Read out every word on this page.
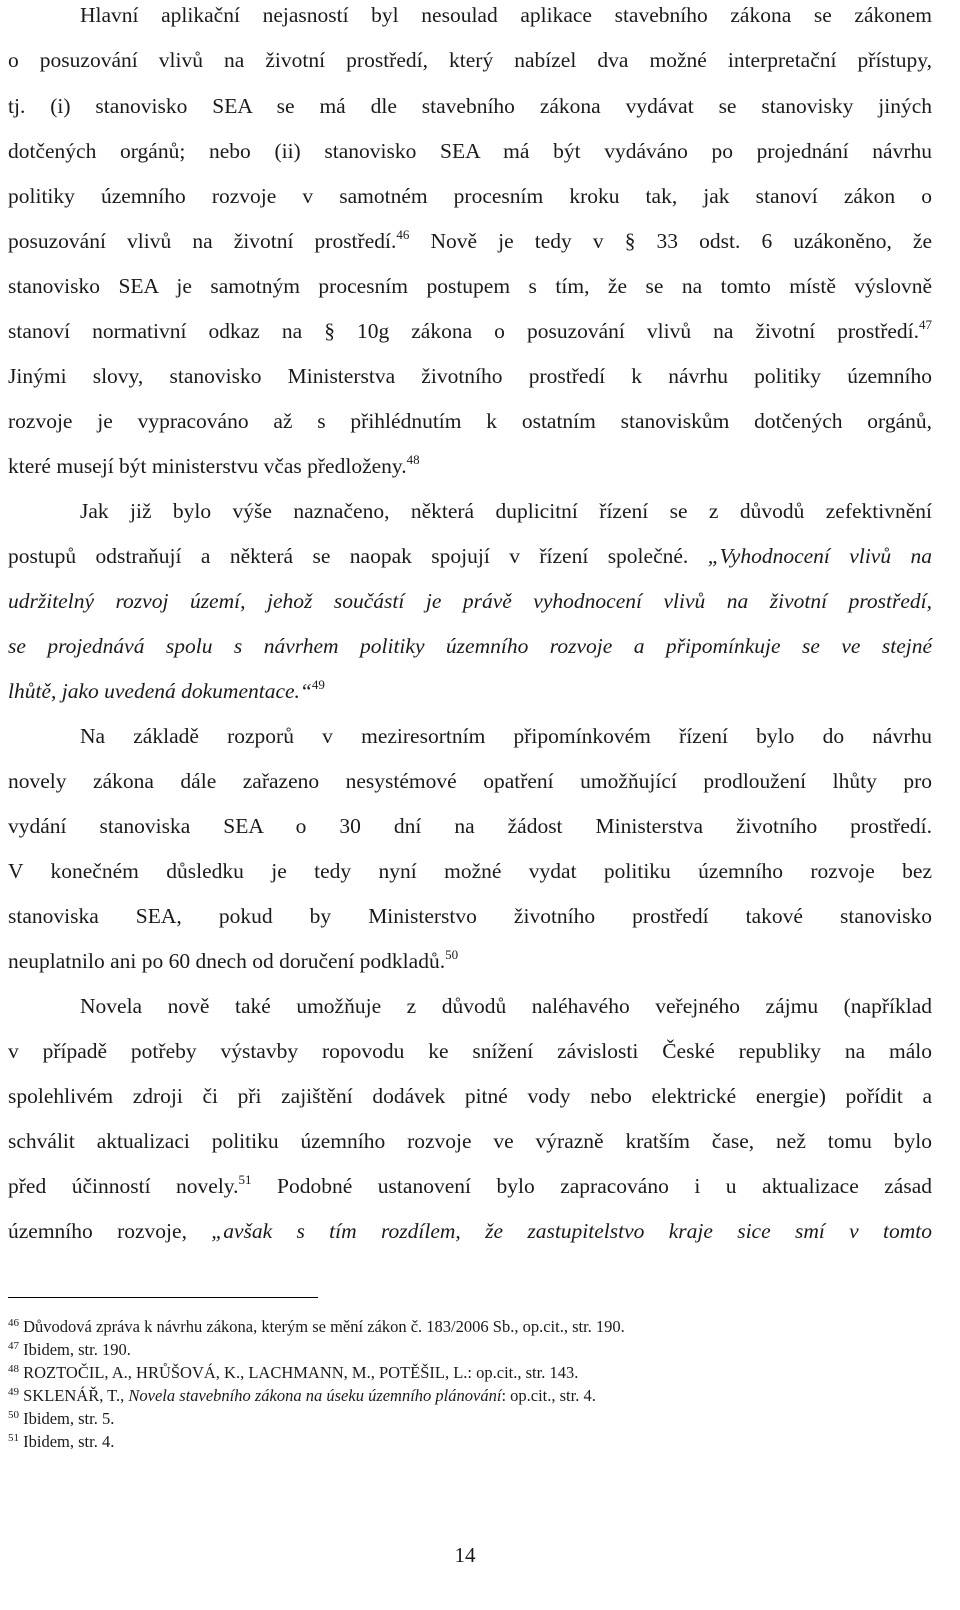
Hlavní aplikační nejasností byl nesoulad aplikace stavebního zákona se zákonem
o posuzování vlivů na životní prostředí, který nabízel dva možné interpretační přístupy,
tj. (i) stanovisko SEA se má dle stavebního zákona vydávat se stanovisky jiných
dotčených orgánů; nebo (ii) stanovisko SEA má být vydáváno po projednání návrhu
politiky územního rozvoje v samotném procesním kroku tak, jak stanoví zákon o
posuzování vlivů na životní prostředí.$^{46}$ Nově je tedy v § 33 odst. 6 uzákoněno, že
stanovisko SEA je samotným procesním postupem s tím, že se na tomto místě výslovně
stanoví normativní odkaz na § 10g zákona o posuzování vlivů na životní prostředí.$^{47}$
Jinými slovy, stanovisko Ministerstva životního prostředí k návrhu politiky územního
rozvoje je vypracováno až s přihlédnutím k ostatním stanoviskům dotčených orgánů,
které musejí být ministerstvu včas předloženy.$^{48}$
Jak již bylo výše naznačeno, některá duplicitní řízení se z důvodů zefektivnění
postupů odstraňují a některá se naopak spojují v řízení společné. „Vyhodnocení vlivů na
udržitelný rozvoj území, jehož součástí je právě vyhodnocení vlivů na životní prostředí,
se projednává spolu s návrhem politiky územního rozvoje a připomínkuje se ve stejné
lhůtě, jako uvedená dokumentace.“$^{49}$
Na základě rozporů v meziresortním připomínkovém řízení bylo do návrhu
novely zákona dále zařazeno nesystémové opatření umožňující prodloužení lhůty pro
vydání stanoviska SEA o 30 dní na žádost Ministerstva životního prostředí.
V konečném důsledku je tedy nyní možné vydat politiku územního rozvoje bez
stanoviska SEA, pokud by Ministerstvo životního prostředí takové stanovisko
neuplatnilo ani po 60 dnech od doručení podkladů.$^{50}$
Novela nově také umožňuje z důvodů naléhavého veřejného zájmu (například
v případě potřeby výstavby ropovodu ke snížení závislosti České republiky na málo
spolehlivém zdroji či při zajištění dodávek pitné vody nebo elektrické energie) pořídit a
schválit aktualizaci politiku územního rozvoje ve výrazně kratším čase, než tomu bylo
před účinností novely.$^{51}$ Podobné ustanovení bylo zapracováno i u aktualizace zásad
územního rozvoje, „avšak s tím rozdílem, že zastupitelstvo kraje sice smí v tomto
$^{46}$ Důvodová zpráva k návrhu zákona, kterým se mění zákon č. 183/2006 Sb., op.cit., str. 190.
$^{47}$ Ibidem, str. 190.
$^{48}$ ROZTOČIL, A., HRŮŠOVÁ, K., LACHMANN, M., POTĚŠIL, L.: op.cit., str. 143.
$^{49}$ SKLENÁŘ, T., Novela stavebního zákona na úseku územního plánování: op.cit., str. 4.
$^{50}$ Ibidem, str. 5.
$^{51}$ Ibidem, str. 4.
14
